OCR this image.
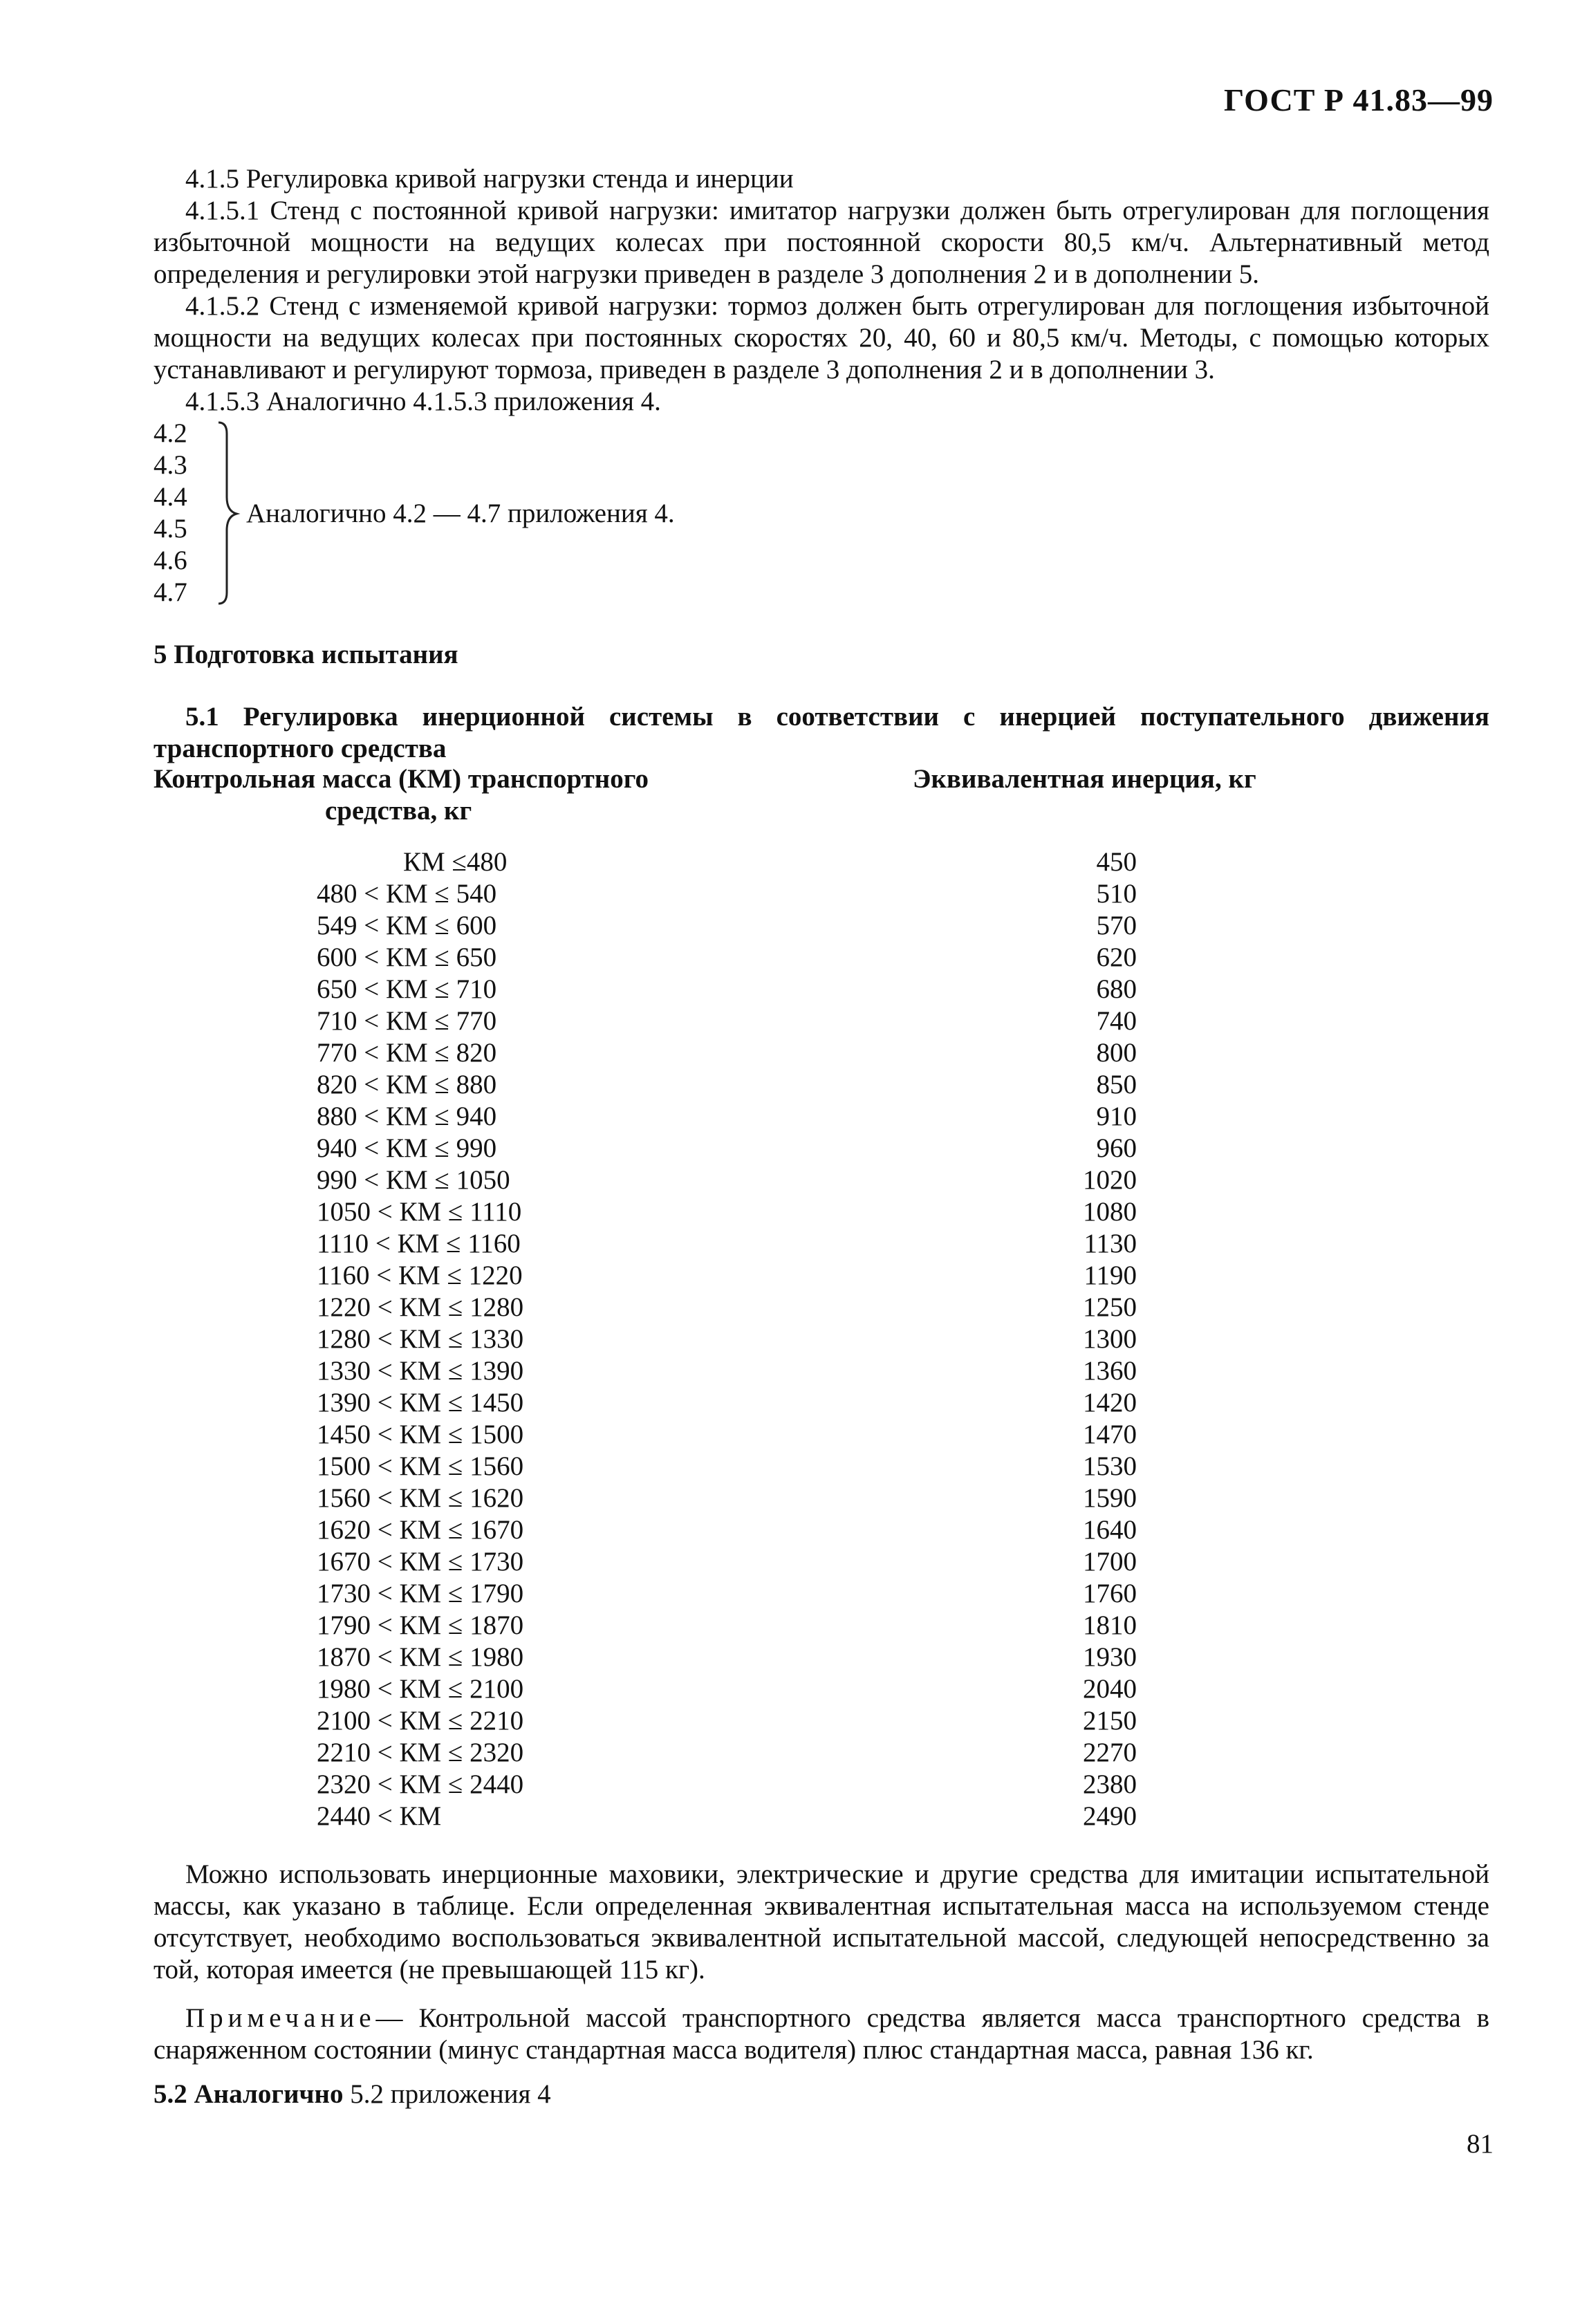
ГОСТ Р 41.83—99
4.1.5 Регулировка кривой нагрузки стенда и инерции
4.1.5.1 Стенд с постоянной кривой нагрузки: имитатор нагрузки должен быть отрегулирован для поглощения избыточной мощности на ведущих колесах при постоянной скорости 80,5 км/ч. Альтернативный метод определения и регулировки этой нагрузки приведен в разделе 3 дополнения 2 и в дополнении 5.
4.1.5.2 Стенд с изменяемой кривой нагрузки: тормоз должен быть отрегулирован для поглощения избыточной мощности на ведущих колесах при постоянных скоростях 20, 40, 60 и 80,5 км/ч. Методы, с помощью которых устанавливают и регулируют тормоза, приведен в разделе 3 дополнения 2 и в дополнении 3.
4.1.5.3 Аналогично 4.1.5.3 приложения 4.
4.2
4.3
4.4
4.5
4.6
4.7
Аналогично 4.2 — 4.7 приложения 4.
5 Подготовка испытания
5.1 Регулировка инерционной системы в соответствии с инерцией поступательного движения транспортного средства
Контрольная масса (КМ) транспортного
средства, кг
Эквивалентная инерция, кг
КМ ≤480	450
480 < КМ ≤ 540	510
549 < КМ ≤ 600	570
600 < КМ ≤ 650	620
650 < КМ ≤ 710	680
710 < КМ ≤ 770	740
770 < КМ ≤ 820	800
820 < КМ ≤ 880	850
880 < КМ ≤ 940	910
940 < КМ ≤ 990	960
990 < КМ ≤ 1050	1020
1050 < КМ ≤ 1110	1080
1110 < КМ ≤ 1160	1130
1160 < КМ ≤ 1220	1190
1220 < КМ ≤ 1280	1250
1280 < КМ ≤ 1330	1300
1330 < КМ ≤ 1390	1360
1390 < КМ ≤ 1450	1420
1450 < КМ ≤ 1500	1470
1500 < КМ ≤ 1560	1530
1560 < КМ ≤ 1620	1590
1620 < КМ ≤ 1670	1640
1670 < КМ ≤ 1730	1700
1730 < КМ ≤ 1790	1760
1790 < КМ ≤ 1870	1810
1870 < КМ ≤ 1980	1930
1980 < КМ ≤ 2100	2040
2100 < КМ ≤ 2210	2150
2210 < КМ ≤ 2320	2270
2320 < КМ ≤ 2440	2380
2440 < КМ	2490
Можно использовать инерционные маховики, электрические и другие средства для имитации испытательной массы, как указано в таблице. Если определенная эквивалентная испытательная масса на используемом стенде отсутствует, необходимо воспользоваться эквивалентной испытательной массой, следующей непосредственно за той, которая имеется (не превышающей 115 кг).
Примечание— Контрольной массой транспортного средства является масса транспортного средства в снаряженном состоянии (минус стандартная масса водителя) плюс стандартная масса, равная 136 кг.
5.2 Аналогично 5.2 приложения 4
81
